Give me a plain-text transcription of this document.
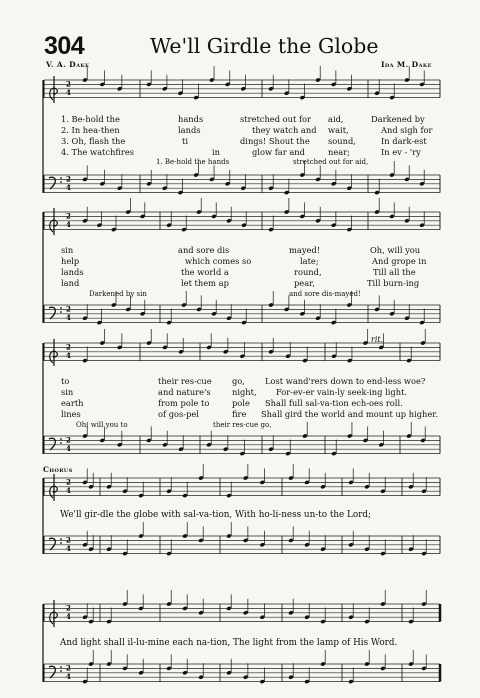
2
4
2
4
2
4
2
4
2
4
2
4
2
4
2
4
2
4
2
4
304	We'll Girdle the Globe
V. A. Dake	Ida M. Dake
1. Be-hold the	hands	stretched out for aid,	Darkened by
2. In hea-then	lands	they watch and wait,	And sigh for
3. Oh, flash the	ti	dings! Shout the sound,	In dark-est
4. The watchfires	in	glow far and	near;	In ev - 'ry
1. Be-hold the hands	stretched out for aid,
sin	and sore dis	mayed!	Oh, will you
help	which comes so	late;	And grope in
lands	the world a	round,	Till all the
land	let them ap	pear,	Till burn-ing
Darkened by sin	and sore dis-mayed!
to	their res-cue go, Lost wand'rers down to end-less woe?
sin	and nature's	night, For-ev-er vain-ly seek-ing light.
earth	from pole to	pole Shall full sal-va-tion ech-oes roll.
lines	of gos-pel	fire Shall gird the world and mount up higher.
Oh, will you to	their res-cue go,
rit.
Chorus
We'll gir-dle the globe with sal-va-tion, With ho-li-ness un-to the Lord;
And light shall il-lu-mine each na-tion, The light from the lamp of His Word.
